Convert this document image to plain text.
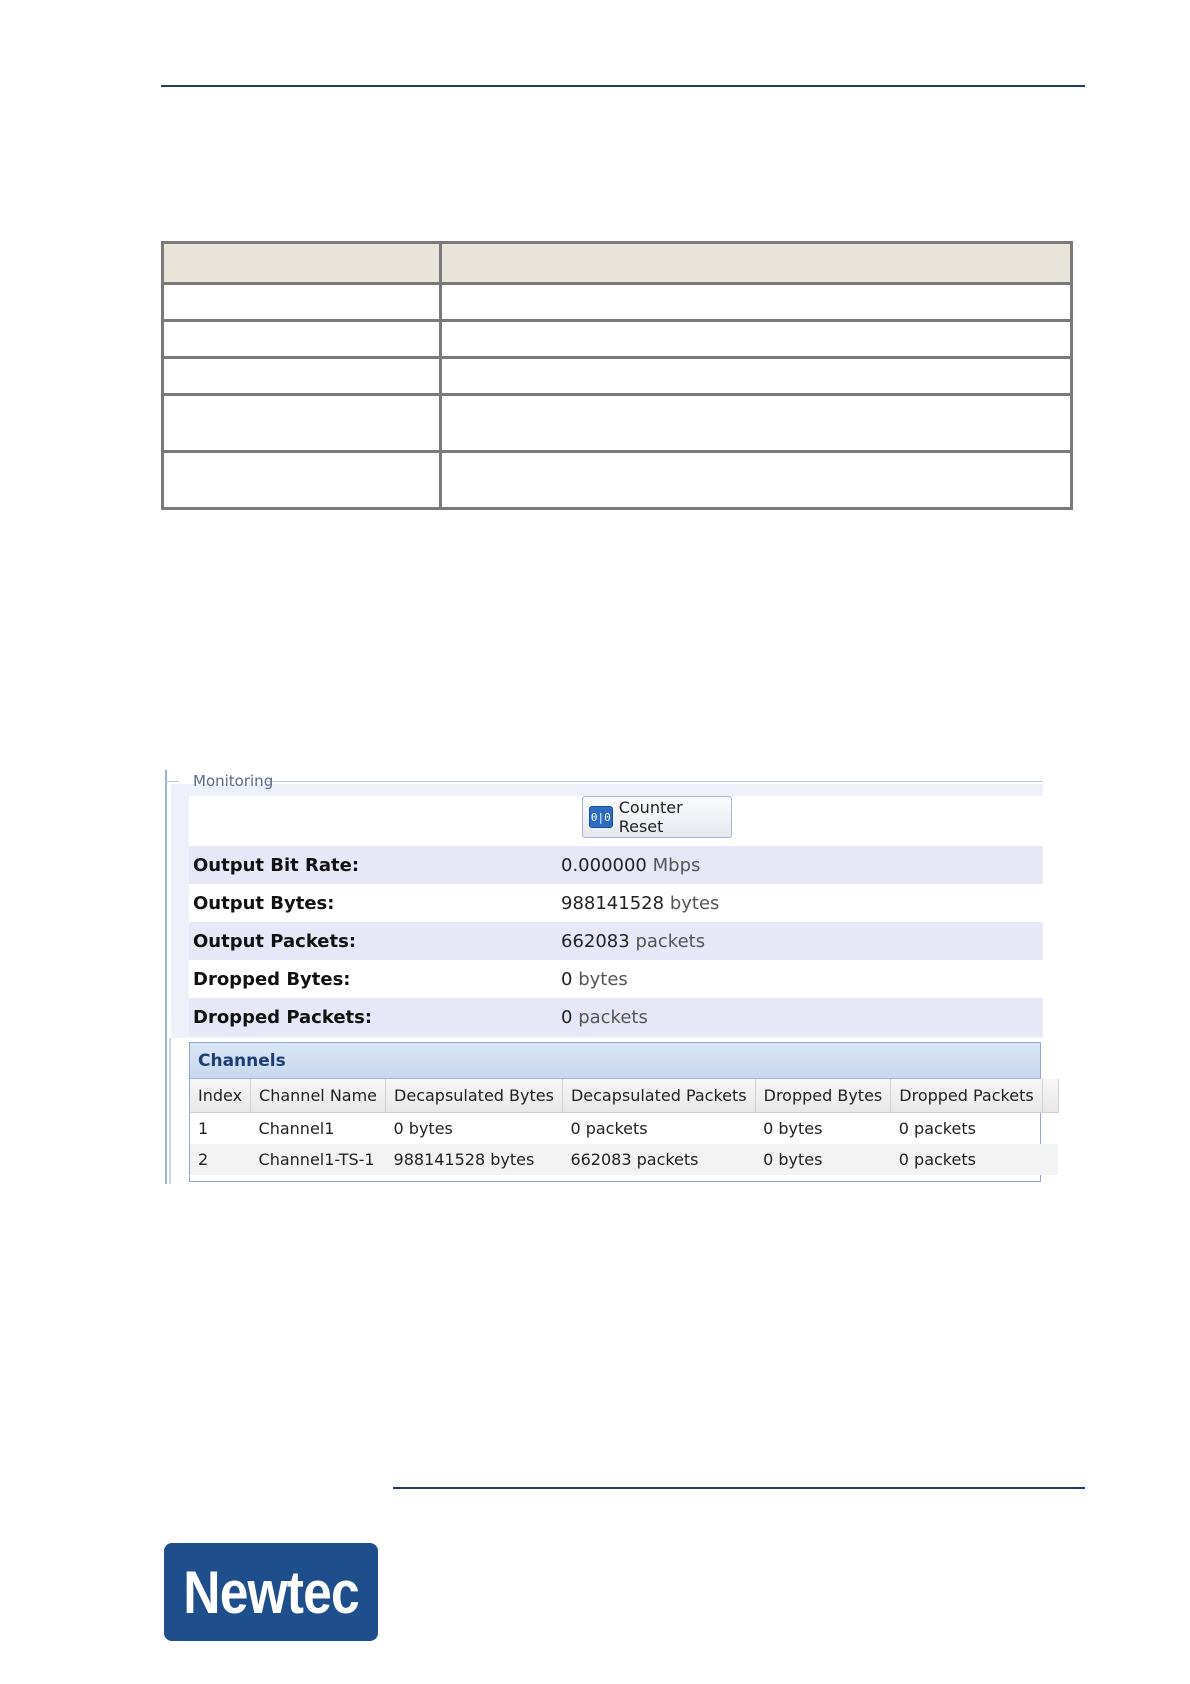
Monitoring
0|0 Counter Reset
Output Bit Rate:	0.000000 Mbps
Output Bytes:	988141528 bytes
Output Packets:	662083 packets
Dropped Bytes:	0 bytes
Dropped Packets:	0 packets
Channels
Index	Channel Name	Decapsulated Bytes	Decapsulated Packets	Dropped Bytes	Dropped Packets	
1	Channel1	0 bytes	0 packets	0 bytes	0 packets	
2	Channel1-TS-1	988141528 bytes	662083 packets	0 bytes	0 packets	
Newtec
